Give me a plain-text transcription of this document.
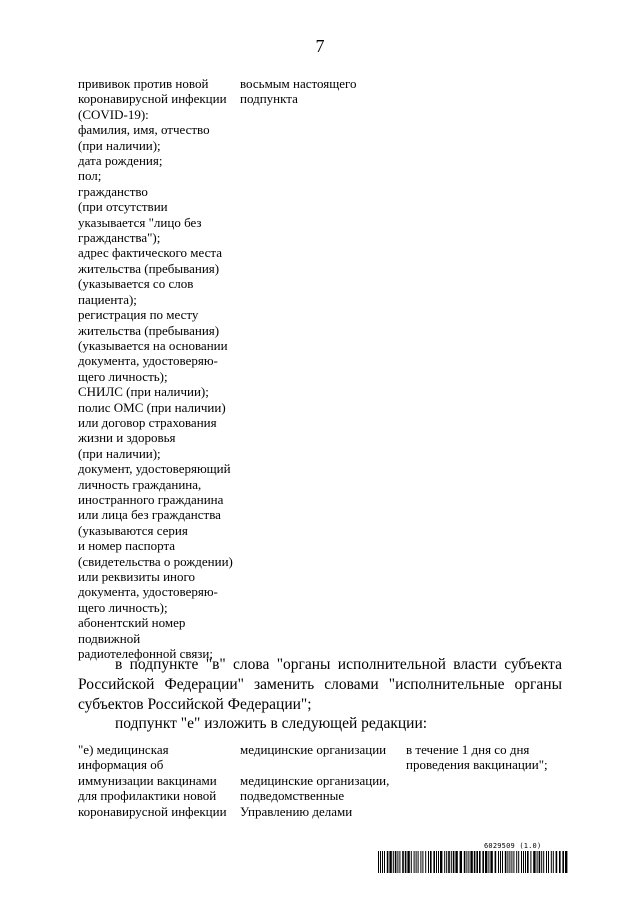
7
прививок против новой
коронавирусной инфекции
(COVID-19):
фамилия, имя, отчество
(при наличии);
дата рождения;
пол;
гражданство
(при отсутствии
указывается "лицо без
гражданства");
адрес фактического места
жительства (пребывания)
(указывается со слов
пациента);
регистрация по месту
жительства (пребывания)
(указывается на основании
документа, удостоверяю-
щего личность);
СНИЛС (при наличии);
полис ОМС (при наличии)
или договор страхования
жизни и здоровья
(при наличии);
документ, удостоверяющий
личность гражданина,
иностранного гражданина
или лица без гражданства
(указываются серия
и номер паспорта
(свидетельства о рождении)
или реквизиты иного
документа, удостоверяю-
щего личность);
абонентский номер
подвижной
радиотелефонной связи;
восьмым настоящего
подпункта
в подпункте "в" слова "органы исполнительной власти субъекта
Российской Федерации" заменить словами "исполнительные органы
субъектов Российской Федерации";

подпункт "е" изложить в следующей редакции:

"е) медицинская
информация об
иммунизации вакцинами
для профилактики новой
коронавирусной инфекции
медицинские организации

медицинские организации,
подведомственные
Управлению делами
в течение 1 дня со дня
проведения вакцинации";
6029509 (1.0)
